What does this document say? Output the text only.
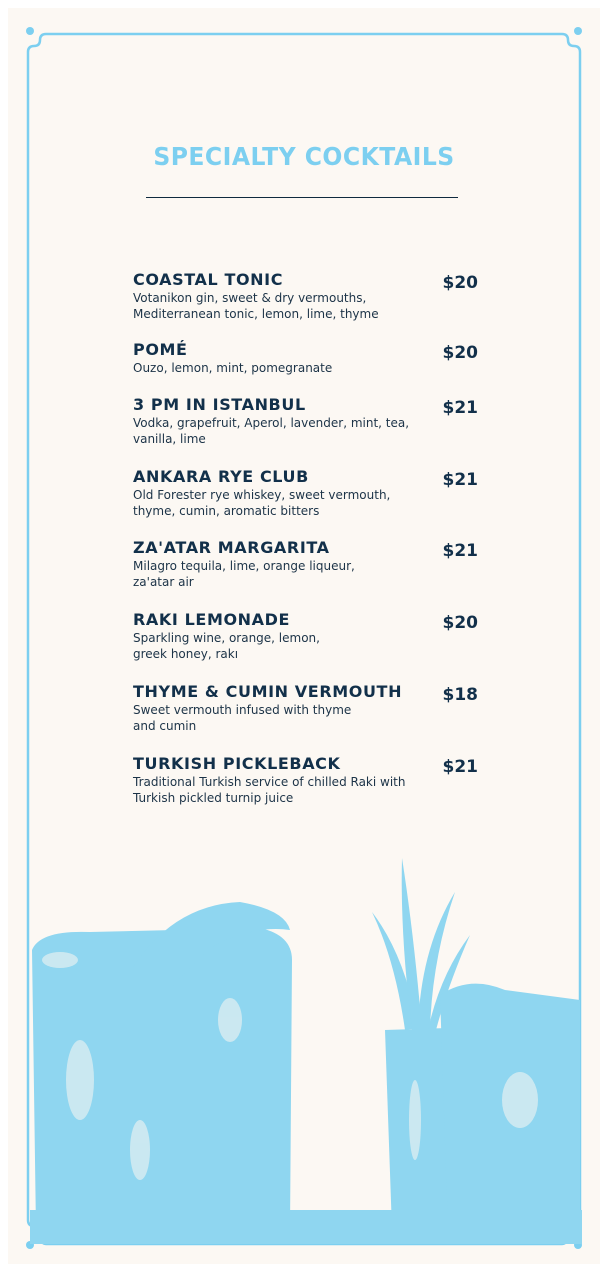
SPECIALTY COCKTAILS
COASTAL TONIC
Votanikon gin, sweet & dry vermouths,
Mediterranean tonic, lemon, lime, thyme
$20
POMÉ
Ouzo, lemon, mint, pomegranate
$20
3 PM IN ISTANBUL
Vodka, grapefruit, Aperol, lavender, mint, tea,
vanilla, lime
$21
ANKARA RYE CLUB
Old Forester rye whiskey, sweet vermouth,
thyme, cumin, aromatic bitters
$21
ZA'ATAR MARGARITA
Milagro tequila, lime, orange liqueur,
za'atar air
$21
RAKI LEMONADE
Sparkling wine, orange, lemon,
greek honey, rakı
$20
THYME & CUMIN VERMOUTH
Sweet vermouth infused with thyme
and cumin
$18
TURKISH PICKLEBACK
Traditional Turkish service of chilled Raki with
Turkish pickled turnip juice
$21
